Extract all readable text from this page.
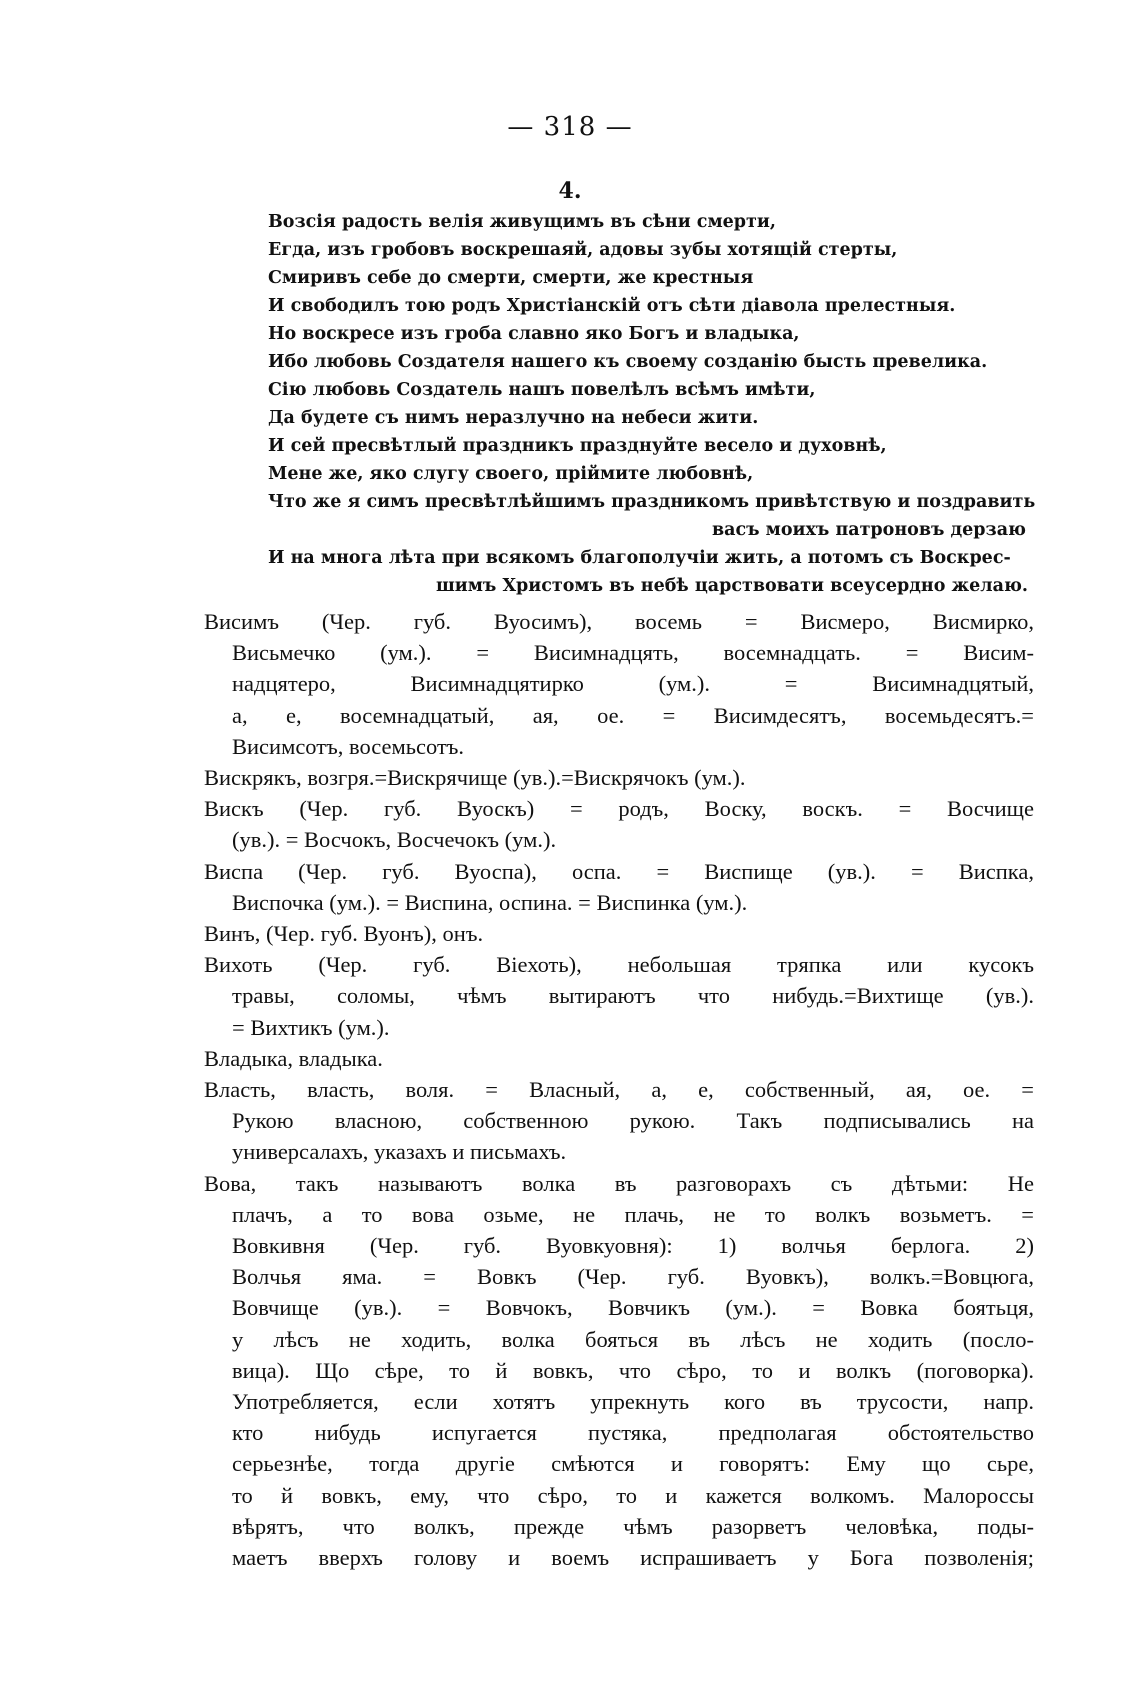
— 318 —
4.
Возсія радость велія живущимъ въ сѣни смерти,
Егда, изъ гробовъ воскрешаяй, адовы зубы хотящій стерты,
Смиривъ себе до смерти, смерти, же крестныя
И свободилъ тою родъ Христіанскій отъ сѣти діавола прелестныя.
Но воскресе изъ гроба славно яко Богъ и владыка,
Ибо любовь Создателя нашего къ своему созданію бысть превелика.
Сію любовь Создатель нашъ повелѣлъ всѣмъ имѣти,
Да будете съ нимъ неразлучно на небеси жити.
И сей пресвѣтлый праздникъ празднуйте весело и духовнѣ,
Мене же, яко слугу своего, пріймите любовнѣ,
Что же я симъ пресвѣтлѣйшимъ праздникомъ привѣтствую и поздравить
васъ моихъ патроновъ дерзаю
И на многа лѣта при всякомъ благополучіи жить, а потомъ съ Воскрес-
шимъ Христомъ въ небѣ царствовати всеусердно желаю.
Висимъ (Чер. губ. Вуосимъ), восемь = Висмеро, Висмирко,
Висьмечко (ум.). = Висимнадцять, восемнадцать. = Висим-
надцятеро, Висимнадцятирко (ум.). = Висимнадцятый,
а, е, восемнадцатый, ая, ое. = Висимдесятъ, восемьдесятъ.=
Висимсотъ, восемьсотъ.
Вискрякъ, возгря.=Вискрячище (ув.).=Вискрячокъ (ум.).
Вискъ (Чер. губ. Вуоскъ) = родъ, Воску, воскъ. = Восчище
(ув.). = Восчокъ, Восчечокъ (ум.).
Виспа (Чер. губ. Вуоспа), оспа. = Виспище (ув.). = Виспка,
Виспочка (ум.). = Виспина, оспина. = Виспинка (ум.).
Винъ, (Чер. губ. Вуонъ), онъ.
Вихоть (Чер. губ. Віехоть), небольшая тряпка или кусокъ
травы, соломы, чѣмъ вытираютъ что нибудь.=Вихтище (ув.).
= Вихтикъ (ум.).
Владыка, владыка.
Власть, власть, воля. = Власный, а, е, собственный, ая, ое. =
Рукою власною, собственною рукою. Такъ подписывались на
универсалахъ, указахъ и письмахъ.
Вова, такъ называютъ волка въ разговорахъ съ дѣтьми: Не
плачъ, а то вова озьме, не плачь, не то волкъ возьметъ. =
Вовкивня (Чер. губ. Вуовкуовня): 1) волчья берлога. 2)
Волчья яма. = Вовкъ (Чер. губ. Вуовкъ), волкъ.=Вовцюга,
Вовчище (ув.). = Вовчокъ, Вовчикъ (ум.). = Вовка боятьця,
у лѣсъ не ходить, волка бояться въ лѣсъ не ходить (посло-
вица). Що сѣре, то й вовкъ, что сѣро, то и волкъ (поговорка).
Употребляется, если хотятъ упрекнуть кого въ трусости, напр.
кто нибудь испугается пустяка, предполагая обстоятельство
серьезнѣе, тогда другіе смѣются и говорятъ: Ему що сьре,
то й вовкъ, ему, что сѣро, то и кажется волкомъ. Малороссы
вѣрятъ, что волкъ, прежде чѣмъ разорветъ человѣка, поды-
маетъ вверхъ голову и воемъ испрашиваетъ у Бога позволенія;
